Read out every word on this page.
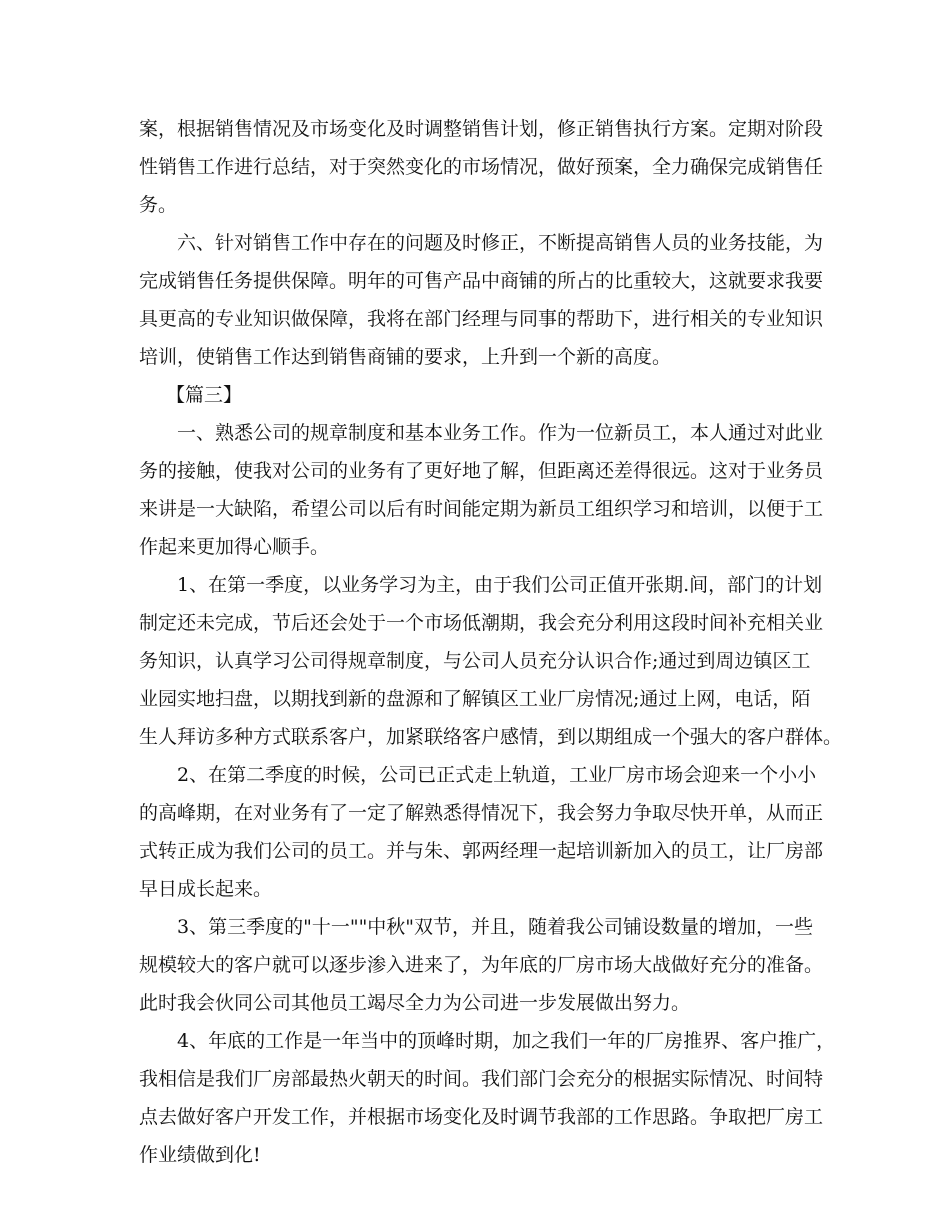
案，根据销售情况及市场变化及时调整销售计划，修正销售执行方案。定期对阶段
性销售工作进行总结，对于突然变化的市场情况，做好预案，全力确保完成销售任
务。
六、针对销售工作中存在的问题及时修正，不断提高销售人员的业务技能，为
完成销售任务提供保障。明年的可售产品中商铺的所占的比重较大，这就要求我要
具更高的专业知识做保障，我将在部门经理与同事的帮助下，进行相关的专业知识
培训，使销售工作达到销售商铺的要求，上升到一个新的高度。
【篇三】
一、熟悉公司的规章制度和基本业务工作。作为一位新员工，本人通过对此业
务的接触，使我对公司的业务有了更好地了解，但距离还差得很远。这对于业务员
来讲是一大缺陷，希望公司以后有时间能定期为新员工组织学习和培训，以便于工
作起来更加得心顺手。
1、在第一季度，以业务学习为主，由于我们公司正值开张期.间，部门的计划
制定还未完成，节后还会处于一个市场低潮期，我会充分利用这段时间补充相关业
务知识，认真学习公司得规章制度，与公司人员充分认识合作;通过到周边镇区工
业园实地扫盘，以期找到新的盘源和了解镇区工业厂房情况;通过上网，电话，陌
生人拜访多种方式联系客户，加紧联络客户感情，到以期组成一个强大的客户群体。
2、在第二季度的时候，公司已正式走上轨道，工业厂房市场会迎来一个小小
的高峰期，在对业务有了一定了解熟悉得情况下，我会努力争取尽快开单，从而正
式转正成为我们公司的员工。并与朱、郭两经理一起培训新加入的员工，让厂房部
早日成长起来。
3、第三季度的"十一""中秋"双节，并且，随着我公司铺设数量的增加，一些
规模较大的客户就可以逐步渗入进来了，为年底的厂房市场大战做好充分的准备。
此时我会伙同公司其他员工竭尽全力为公司进一步发展做出努力。
4、年底的工作是一年当中的顶峰时期，加之我们一年的厂房推界、客户推广，
我相信是我们厂房部最热火朝天的时间。我们部门会充分的根据实际情况、时间特
点去做好客户开发工作，并根据市场变化及时调节我部的工作思路。争取把厂房工
作业绩做到化!
